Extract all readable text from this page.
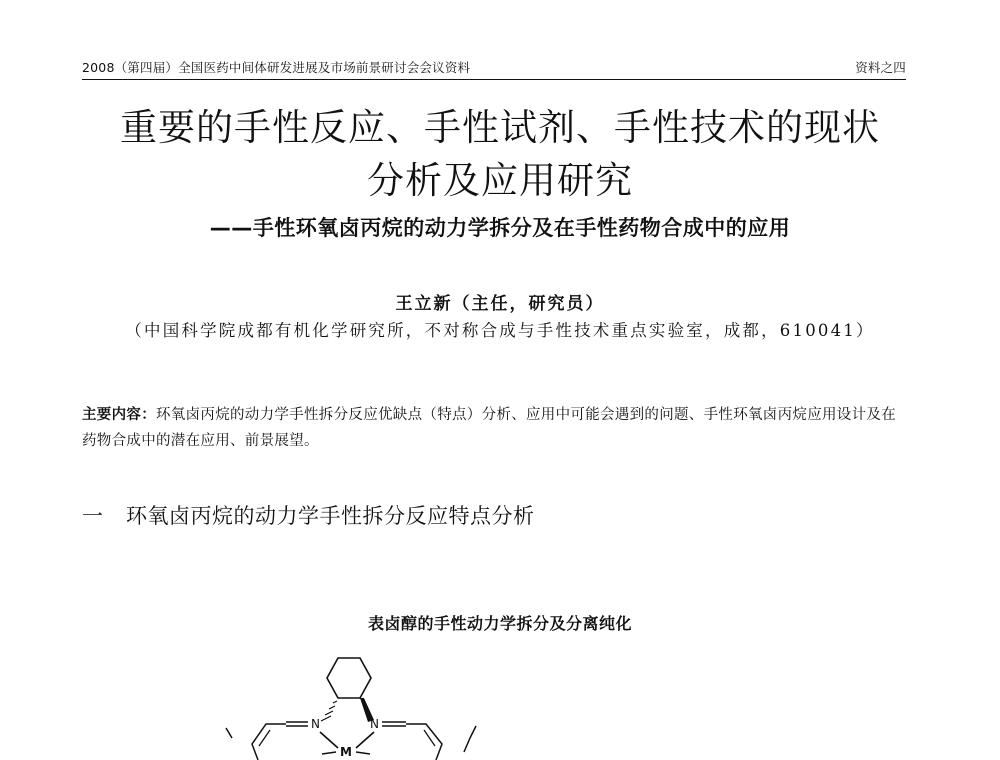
2008（第四届）全国医药中间体研发进展及市场前景研讨会会议资料	资料之四
重要的手性反应、手性试剂、手性技术的现状
分析及应用研究
——手性环氧卤丙烷的动力学拆分及在手性药物合成中的应用
王立新（主任，研究员）
（中国科学院成都有机化学研究所，不对称合成与手性技术重点实验室，成都，610041）
主要内容：环氧卤丙烷的动力学手性拆分反应优缺点（特点）分析、应用中可能会遇到的问题、手性环氧卤丙烷应用设计及在药物合成中的潜在应用、前景展望。
一 环氧卤丙烷的动力学手性拆分反应特点分析
表卤醇的手性动力学拆分及分离纯化
N	N
M
